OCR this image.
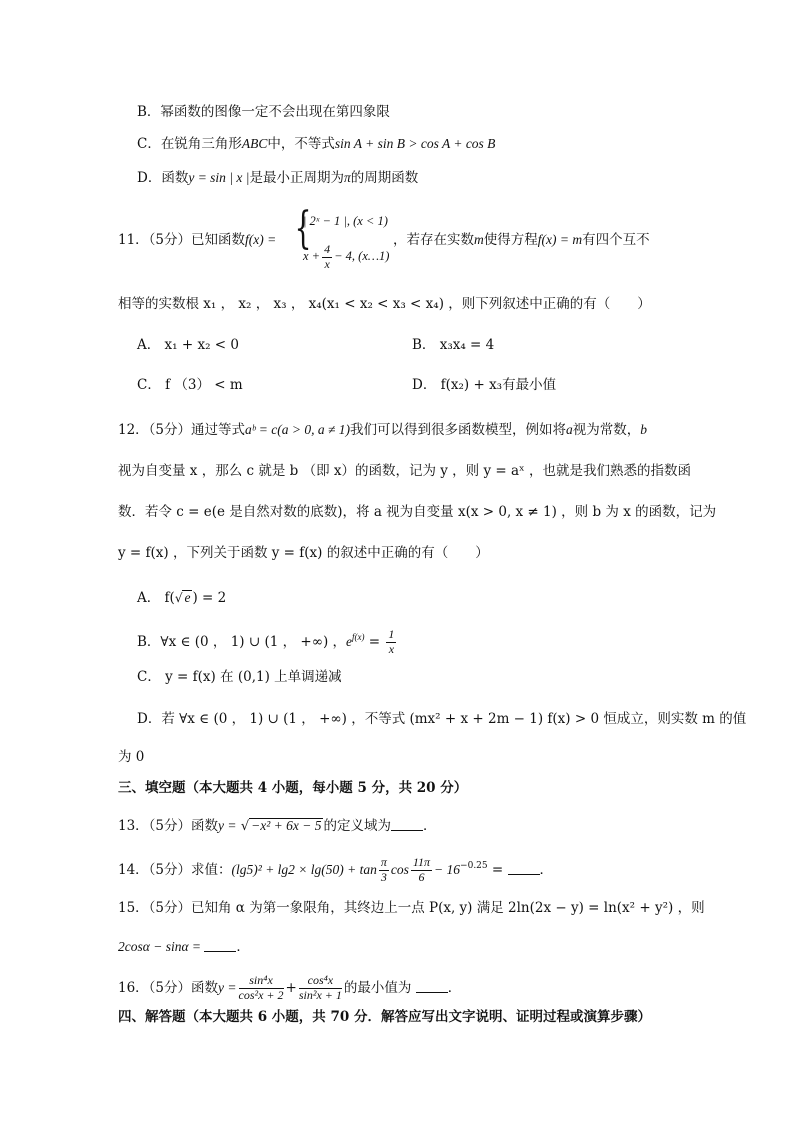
B．幂函数的图像一定不会出现在第四象限
C．在锐角三角形ABC中，不等式sin A + sin B > cos A + cos B
D．函数y = sin | x |是最小正周期为π的周期函数
11．（5分）已知函数f(x) = {
| 2ˣ − 1 |, (x < 1)
$x + \frac{4}{x} - 4$, (x…1)
，若存在实数m使得方程f(x) = m有四个互不
相等的实数根 x₁ ， x₂ ， x₃ ， x₄(x₁ < x₂ < x₃ < x₄) ，则下列叙述中正确的有（　　）
A． x₁ + x₂ < 0	B． x₃x₄ = 4
C． f （3） < m	D． f(x₂) + x₃有最小值
12．（5分）通过等式aᵇ = c(a > 0, a ≠ 1)我们可以得到很多函数模型，例如将a视为常数，b
视为自变量 x ，那么 c 就是 b （即 x）的函数，记为 y ，则 y = aˣ ，也就是我们熟悉的指数函
数．若令 c = e(e 是自然对数的底数)，将 a 视为自变量 x(x > 0, x ≠ 1) ，则 b 为 x 的函数，记为
y = f(x) ，下列关于函数 y = f(x) 的叙述中正确的有（　　）
A． f(√ e ) = 2
B．∀x ∈ (0 ， 1) ∪ (1 ， +∞) ，$e^{f(x)} = \frac{1}{x}$
C． y = f(x) 在 (0,1) 上单调递减
D．若 ∀x ∈ (0 ， 1) ∪ (1 ， +∞) ，不等式 (mx² + x + 2m − 1) f(x) > 0 恒成立，则实数 m 的值
为 0
三、填空题（本大题共 4 小题，每小题 5 分，共 20 分）
13．（5分）函数y = √ −x² + 6x − 5 的定义域为 ．
14．（5分）求值：$(\lg 5)^2 + \lg 2 \times \lg(50) + \tan \frac{\pi}{3}$ $\cos \frac{11\pi}{6} - 16^{-0.25}$ = ．
15．（5分）已知角 α 为第一象限角，其终边上一点 P(x, y) 满足 2ln(2x − y) = ln(x² + y²) ，则
2cosα − sinα = ．
16．（5分）函数$y = \frac{\text{sin⁴x}}{\text{cos²x + 2}} + \frac{\text{cos⁴x}}{\text{sin²x + 1}}$ 的最小值为 ．
四、解答题（本大题共 6 小题，共 70 分．解答应写出文字说明、证明过程或演算步骤）
